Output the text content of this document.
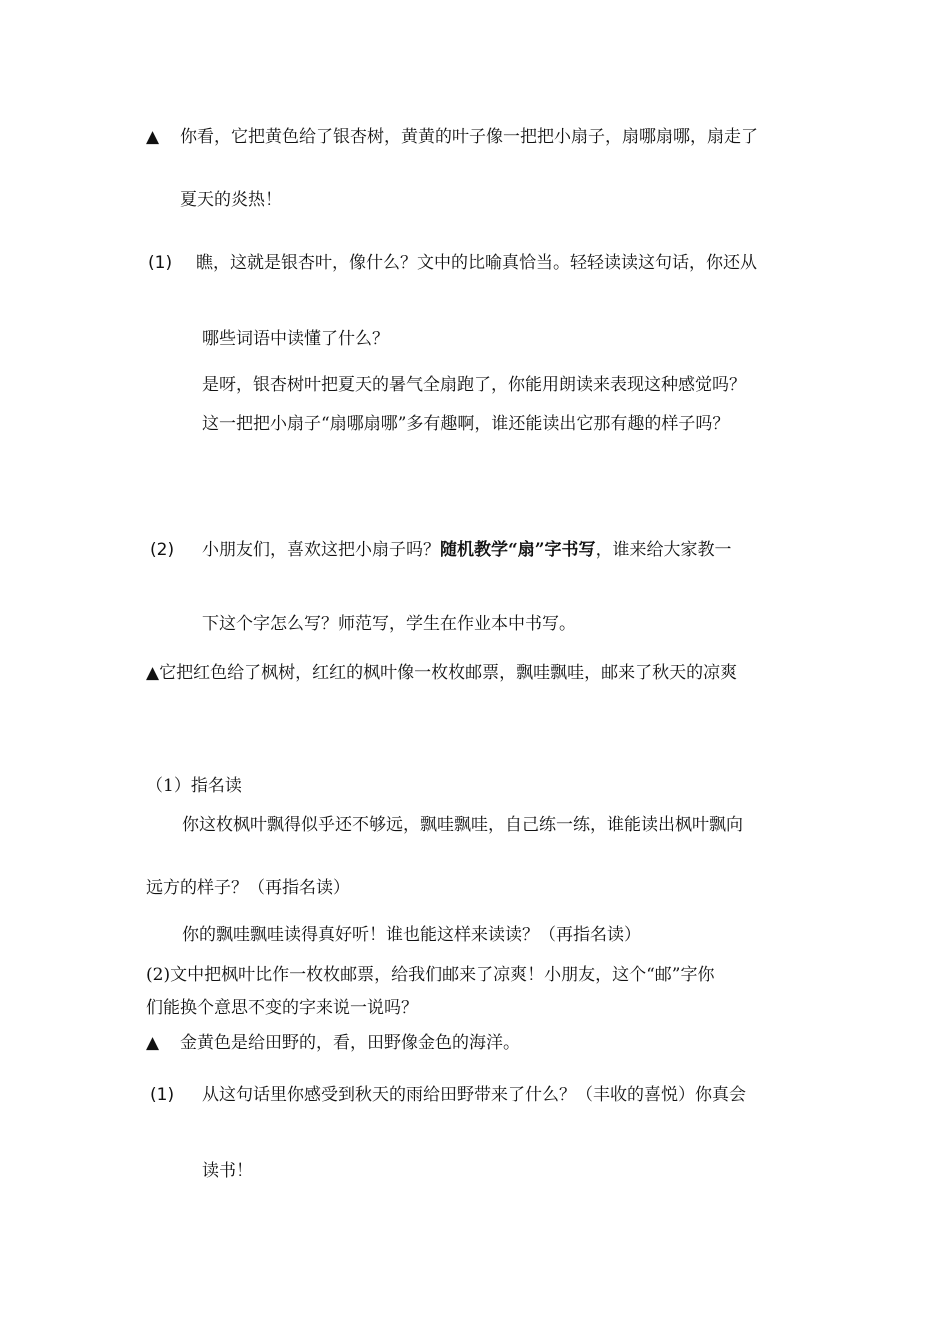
▲ 你看，它把黄色给了银杏树，黄黄的叶子像一把把小扇子，扇哪扇哪，扇走了
夏天的炎热！
(1) 瞧，这就是银杏叶，像什么？文中的比喻真恰当。轻轻读读这句话，你还从
哪些词语中读懂了什么？
是呀，银杏树叶把夏天的暑气全扇跑了，你能用朗读来表现这种感觉吗？
这一把把小扇子“扇哪扇哪”多有趣啊，谁还能读出它那有趣的样子吗？
(2) 小朋友们，喜欢这把小扇子吗？随机教学“扇”字书写，谁来给大家教一
下这个字怎么写？师范写，学生在作业本中书写。
▲它把红色给了枫树，红红的枫叶像一枚枚邮票，飘哇飘哇，邮来了秋天的凉爽
（1）指名读
你这枚枫叶飘得似乎还不够远，飘哇飘哇，自己练一练，谁能读出枫叶飘向
远方的样子？（再指名读）
你的飘哇飘哇读得真好听！谁也能这样来读读？（再指名读）
(2)文中把枫叶比作一枚枚邮票，给我们邮来了凉爽！小朋友，这个“邮”字你
们能换个意思不变的字来说一说吗？
▲ 金黄色是给田野的，看，田野像金色的海洋。
(1) 从这句话里你感受到秋天的雨给田野带来了什么？（丰收的喜悦）你真会
读书！
